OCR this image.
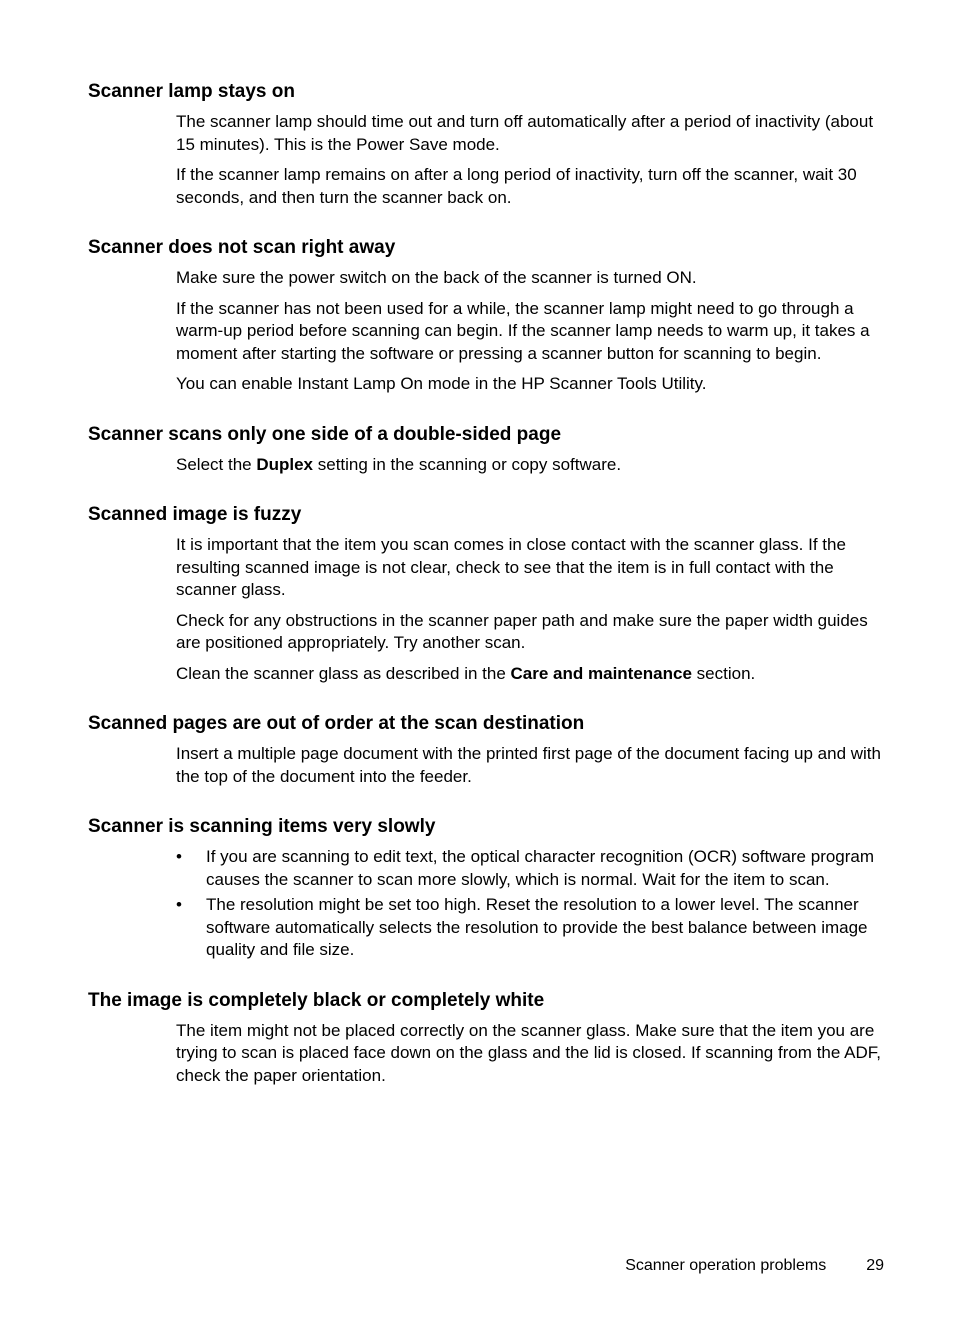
Scanner lamp stays on

The scanner lamp should time out and turn off automatically after a period of inactivity (about 15 minutes). This is the Power Save mode.

If the scanner lamp remains on after a long period of inactivity, turn off the scanner, wait 30 seconds, and then turn the scanner back on.

Scanner does not scan right away

Make sure the power switch on the back of the scanner is turned ON.

If the scanner has not been used for a while, the scanner lamp might need to go through a warm-up period before scanning can begin. If the scanner lamp needs to warm up, it takes a moment after starting the software or pressing a scanner button for scanning to begin.

You can enable Instant Lamp On mode in the HP Scanner Tools Utility.

Scanner scans only one side of a double-sided page

Select the Duplex setting in the scanning or copy software.

Scanned image is fuzzy

It is important that the item you scan comes in close contact with the scanner glass. If the resulting scanned image is not clear, check to see that the item is in full contact with the scanner glass.

Check for any obstructions in the scanner paper path and make sure the paper width guides are positioned appropriately. Try another scan.

Clean the scanner glass as described in the Care and maintenance section.

Scanned pages are out of order at the scan destination

Insert a multiple page document with the printed first page of the document facing up and with the top of the document into the feeder.

Scanner is scanning items very slowly
• If you are scanning to edit text, the optical character recognition (OCR) software program causes the scanner to scan more slowly, which is normal. Wait for the item to scan.
• The resolution might be set too high. Reset the resolution to a lower level. The scanner software automatically selects the resolution to provide the best balance between image quality and file size.
The image is completely black or completely white

The item might not be placed correctly on the scanner glass. Make sure that the item you are trying to scan is placed face down on the glass and the lid is closed. If scanning from the ADF, check the paper orientation.

Scanner operation problems	29
